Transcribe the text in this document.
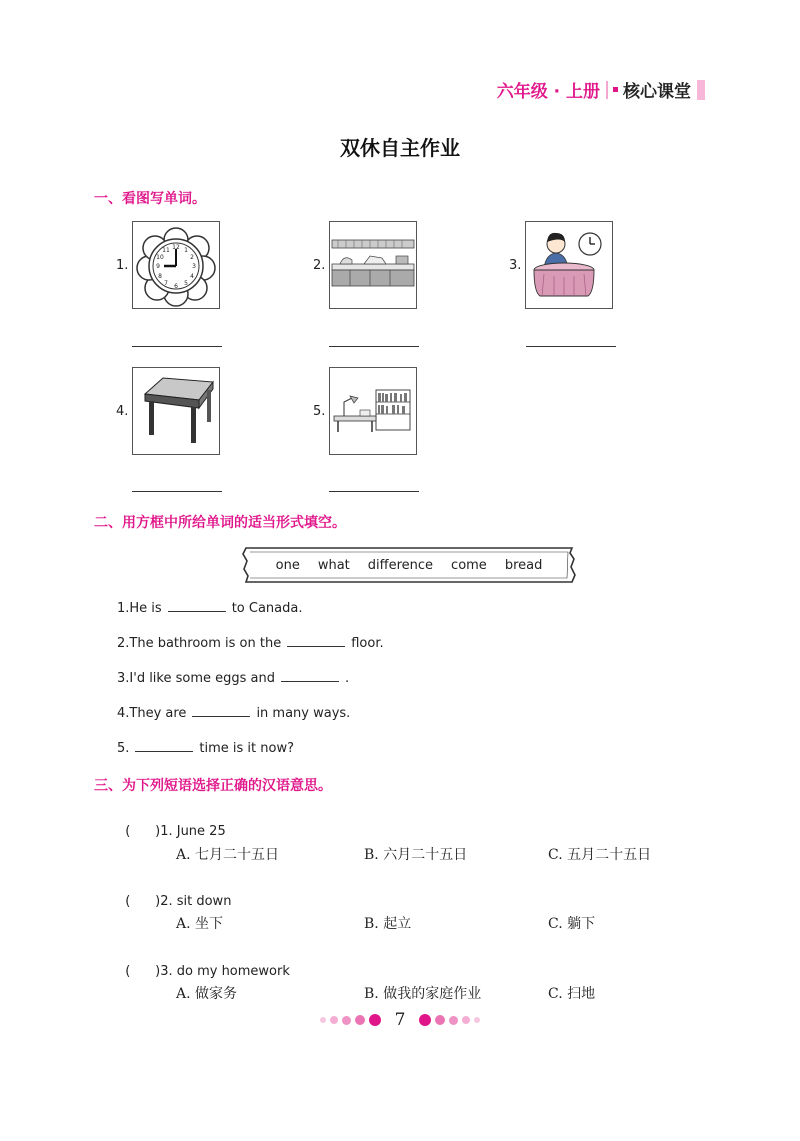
六年级 · 上册 核心课堂
双休自主作业
一、看图写单词。
1.
12
3
6
9
1
2
4
5
7
8
10
11
2.	3.
4.	5.
二、用方框中所给单词的适当形式填空。
one what difference come bread
1. He is	to Canada.
2. The bathroom is on the	floor.
3. I'd like some eggs and	.
4. They are	in many ways.
5.	time is it now?
三、为下列短语选择正确的汉语意思。

(      )1. June 25

A. 七月二十五日	B. 六月二十五日	C. 五月二十五日

(      )2. sit down

A. 坐下	B. 起立	C. 躺下

(      )3. do my homework

A. 做家务	B. 做我的家庭作业	C. 扫地
7
